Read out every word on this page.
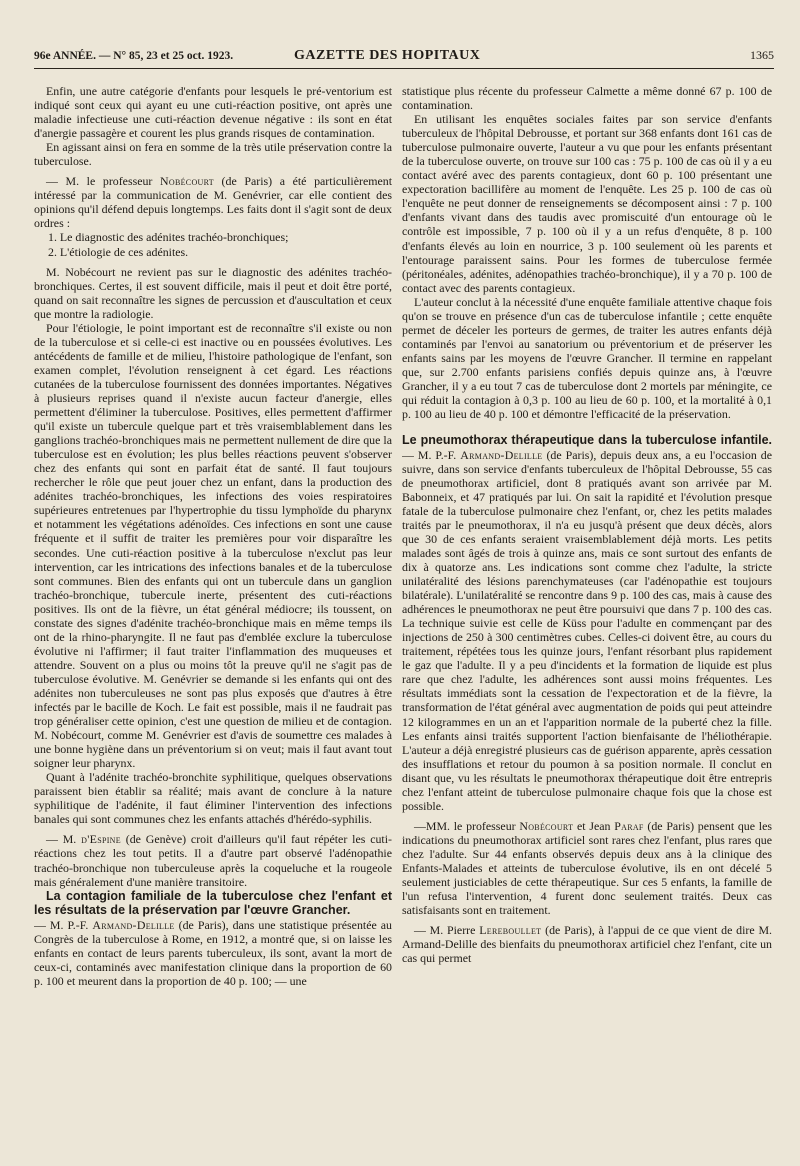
96e ANNÉE. — N° 85, 23 et 25 oct. 1923.	GAZETTE DES HOPITAUX	1365

Enfin, une autre catégorie d'enfants pour lesquels le pré-ventorium est indiqué sont ceux qui ayant eu une cuti-réaction positive, ont après une maladie infectieuse une cuti-réaction devenue négative : ils sont en état d'anergie passagère et courent les plus grands risques de contamination.

En agissant ainsi on fera en somme de la très utile préservation contre la tuberculose.

— M. le professeur Nobécourt (de Paris) a été particulièrement intéressé par la communication de M. Genévrier, car elle contient des opinions qu'il défend depuis longtemps. Les faits dont il s'agit sont de deux ordres :

1. Le diagnostic des adénites trachéo-bronchiques;
2. L'étiologie de ces adénites.

M. Nobécourt ne revient pas sur le diagnostic des adénites trachéo-bronchiques. Certes, il est souvent difficile, mais il peut et doit être porté, quand on sait reconnaître les signes de percussion et d'auscultation et ceux que montre la radiologie.

Pour l'étiologie, le point important est de reconnaître s'il existe ou non de la tuberculose et si celle-ci est inactive ou en poussées évolutives. Les antécédents de famille et de milieu, l'histoire pathologique de l'enfant, son examen complet, l'évolution renseignent à cet égard. Les réactions cutanées de la tuberculose fournissent des données importantes. Négatives à plusieurs reprises quand il n'existe aucun facteur d'anergie, elles permettent d'éliminer la tuberculose. Positives, elles permettent d'affirmer qu'il existe un tubercule quelque part et très vraisemblablement dans les ganglions trachéo-bronchiques mais ne permettent nullement de dire que la tuberculose est en évolution; les plus belles réactions peuvent s'observer chez des enfants qui sont en parfait état de santé. Il faut toujours rechercher le rôle que peut jouer chez un enfant, dans la production des adénites trachéo-bronchiques, les infections des voies respiratoires supérieures entretenues par l'hypertrophie du tissu lymphoïde du pharynx et notamment les végétations adénoïdes. Ces infections en sont une cause fréquente et il suffit de traiter les premières pour voir disparaître les secondes. Une cuti-réaction positive à la tuberculose n'exclut pas leur intervention, car les intrications des infections banales et de la tuberculose sont communes. Bien des enfants qui ont un tubercule dans un ganglion trachéo-bronchique, tubercule inerte, présentent des cuti-réactions positives. Ils ont de la fièvre, un état général médiocre; ils toussent, on constate des signes d'adénite trachéo-bronchique mais en même temps ils ont de la rhino-pharyngite. Il ne faut pas d'emblée exclure la tuberculose évolutive ni l'affirmer; il faut traiter l'inflammation des muqueuses et attendre. Souvent on a plus ou moins tôt la preuve qu'il ne s'agit pas de tuberculose évolutive. M. Genévrier se demande si les enfants qui ont des adénites non tuberculeuses ne sont pas plus exposés que d'autres à être infectés par le bacille de Koch. Le fait est possible, mais il ne faudrait pas trop généraliser cette opinion, c'est une question de milieu et de contagion. M. Nobécourt, comme M. Genévrier est d'avis de soumettre ces malades à une bonne hygiène dans un préventorium si on veut; mais il faut avant tout soigner leur pharynx.

Quant à l'adénite trachéo-bronchite syphilitique, quelques observations paraissent bien établir sa réalité; mais avant de conclure à la nature syphilitique de l'adénite, il faut éliminer l'intervention des infections banales qui sont communes chez les enfants attachés d'hérédo-syphilis.

— M. d'Espine (de Genève) croit d'ailleurs qu'il faut répéter les cuti-réactions chez les tout petits. Il a d'autre part observé l'adénopathie trachéo-bronchique non tuberculeuse après la coqueluche et la rougeole mais généralement d'une manière transitoire.

La contagion familiale de la tuberculose chez l'enfant et les résultats de la préservation par l'œuvre Grancher.

— M. P.-F. Armand-Delille (de Paris), dans une statistique présentée au Congrès de la tuberculose à Rome, en 1912, a montré que, si on laisse les enfants en contact de leurs parents tuberculeux, ils sont, avant la mort de ceux-ci, contaminés avec manifestation clinique dans la proportion de 60 p. 100 et meurent dans la proportion de 40 p. 100; — une

statistique plus récente du professeur Calmette a même donné 67 p. 100 de contamination.

En utilisant les enquêtes sociales faites par son service d'enfants tuberculeux de l'hôpital Debrousse, et portant sur 368 enfants dont 161 cas de tuberculose pulmonaire ouverte, l'auteur a vu que pour les enfants présentant de la tuberculose ouverte, on trouve sur 100 cas : 75 p. 100 de cas où il y a eu contact avéré avec des parents contagieux, dont 60 p. 100 présentant une expectoration bacillifère au moment de l'enquête. Les 25 p. 100 de cas où l'enquête ne peut donner de renseignements se décomposent ainsi : 7 p. 100 d'enfants vivant dans des taudis avec promiscuité d'un entourage où le contrôle est impossible, 7 p. 100 où il y a un refus d'enquête, 8 p. 100 d'enfants élevés au loin en nourrice, 3 p. 100 seulement où les parents et l'entourage paraissent sains. Pour les formes de tuberculose fermée (péritonéales, adénites, adénopathies trachéo-bronchique), il y a 70 p. 100 de contact avec des parents contagieux.

L'auteur conclut à la nécessité d'une enquête familiale attentive chaque fois qu'on se trouve en présence d'un cas de tuberculose infantile ; cette enquête permet de déceler les porteurs de germes, de traiter les autres enfants déjà contaminés par l'envoi au sanatorium ou préventorium et de préserver les enfants sains par les moyens de l'œuvre Grancher. Il termine en rappelant que, sur 2.700 enfants parisiens confiés depuis quinze ans, à l'œuvre Grancher, il y a eu tout 7 cas de tuberculose dont 2 mortels par méningite, ce qui réduit la contagion à 0,3 p. 100 au lieu de 60 p. 100, et la mortalité à 0,1 p. 100 au lieu de 40 p. 100 et démontre l'efficacité de la préservation.

Le pneumothorax thérapeutique dans la tuberculose infantile. — M. P.-F. Armand-Delille (de Paris), depuis deux ans, a eu l'occasion de suivre, dans son service d'enfants tuberculeux de l'hôpital Debrousse, 55 cas de pneumothorax artificiel, dont 8 pratiqués avant son arrivée par M. Babonneix, et 47 pratiqués par lui. On sait la rapidité et l'évolution presque fatale de la tuberculose pulmonaire chez l'enfant, or, chez les petits malades traités par le pneumothorax, il n'a eu jusqu'à présent que deux décès, alors que 30 de ces enfants seraient vraisemblablement déjà morts. Les petits malades sont âgés de trois à quinze ans, mais ce sont surtout des enfants de dix à quatorze ans. Les indications sont comme chez l'adulte, la stricte unilatéralité des lésions parenchymateuses (car l'adénopathie est toujours bilatérale). L'unilatéralité se rencontre dans 9 p. 100 des cas, mais à cause des adhérences le pneumothorax ne peut être poursuivi que dans 7 p. 100 des cas. La technique suivie est celle de Küss pour l'adulte en commençant par des injections de 250 à 300 centimètres cubes. Celles-ci doivent être, au cours du traitement, répétées tous les quinze jours, l'enfant résorbant plus rapidement le gaz que l'adulte. Il y a peu d'incidents et la formation de liquide est plus rare que chez l'adulte, les adhérences sont aussi moins fréquentes. Les résultats immédiats sont la cessation de l'expectoration et de la fièvre, la transformation de l'état général avec augmentation de poids qui peut atteindre 12 kilogrammes en un an et l'apparition normale de la puberté chez la fille. Les enfants ainsi traités supportent l'action bienfaisante de l'héliothérapie. L'auteur a déjà enregistré plusieurs cas de guérison apparente, après cessation des insufflations et retour du poumon à sa position normale. Il conclut en disant que, vu les résultats le pneumothorax thérapeutique doit être entrepris chez l'enfant atteint de tuberculose pulmonaire chaque fois que la chose est possible.

—MM. le professeur Nobécourt et Jean Paraf (de Paris) pensent que les indications du pneumothorax artificiel sont rares chez l'enfant, plus rares que chez l'adulte. Sur 44 enfants observés depuis deux ans à la clinique des Enfants-Malades et atteints de tuberculose évolutive, ils en ont décelé 5 seulement justiciables de cette thérapeutique. Sur ces 5 enfants, la famille de l'un refusa l'intervention, 4 furent donc seulement traités. Deux cas satisfaisants sont en traitement.

— M. Pierre Lereboullet (de Paris), à l'appui de ce que vient de dire M. Armand-Delille des bienfaits du pneumothorax artificiel chez l'enfant, cite un cas qui permet
